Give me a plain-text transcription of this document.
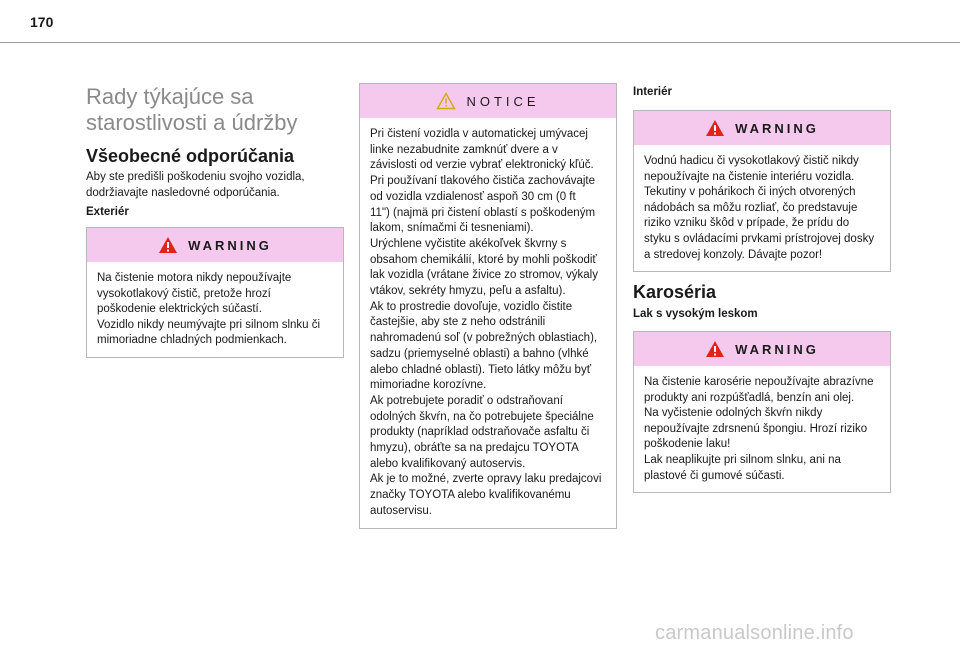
170
Rady týkajúce sa
starostlivosti a údržby
Všeobecné odporúčania
Aby ste predišli poškodeniu svojho vozidla,
dodržiavajte nasledovné odporúčania.
Exteriér
WARNING

Na čistenie motora nikdy nepoužívajte

vysokotlakový čistič, pretože hrozí

poškodenie elektrických súčastí.

Vozidlo nikdy neumývajte pri silnom slnku či

mimoriadne chladných podmienkach.

NOTICE

Pri čistení vozidla v automatickej umývacej

linke nezabudnite zamknúť dvere a v

závislosti od verzie vybrať elektronický kľúč.

Pri používaní tlakového čističa zachovávajte

od vozidla vzdialenosť aspoň 30 cm (0 ft

11") (najmä pri čistení oblastí s poškodeným

lakom, snímačmi či tesneniami).

Urýchlene vyčistite akékoľvek škvrny s

obsahom chemikálií, ktoré by mohli poškodiť

lak vozidla (vrátane živice zo stromov, výkaly

vtákov, sekréty hmyzu, peľu a asfaltu).

Ak to prostredie dovoľuje, vozidlo čistite

častejšie, aby ste z neho odstránili

nahromadenú soľ (v pobrežných oblastiach),

sadzu (priemyselné oblasti) a bahno (vlhké

alebo chladné oblasti). Tieto látky môžu byť

mimoriadne korozívne.

Ak potrebujete poradiť o odstraňovaní

odolných škvŕn, na čo potrebujete špeciálne

produkty (napríklad odstraňovače asfaltu či

hmyzu), obráťte sa na predajcu TOYOTA

alebo kvalifikovaný autoservis.

Ak je to možné, zverte opravy laku predajcovi

značky TOYOTA alebo kvalifikovanému

autoservisu.

Interiér
WARNING

Vodnú hadicu či vysokotlakový čistič nikdy

nepoužívajte na čistenie interiéru vozidla.

Tekutiny v pohárikoch či iných otvorených

nádobách sa môžu rozliať, čo predstavuje

riziko vzniku škôd v prípade, že prídu do

styku s ovládacími prvkami prístrojovej dosky

a stredovej konzoly. Dávajte pozor!

Karoséria
Lak s vysokým leskom
WARNING

Na čistenie karosérie nepoužívajte abrazívne

produkty ani rozpúšťadlá, benzín ani olej.

Na vyčistenie odolných škvŕn nikdy

nepoužívajte zdrsnenú špongiu. Hrozí riziko

poškodenie laku!

Lak neaplikujte pri silnom slnku, ani na

plastové či gumové súčasti.

carmanualsonline.info
